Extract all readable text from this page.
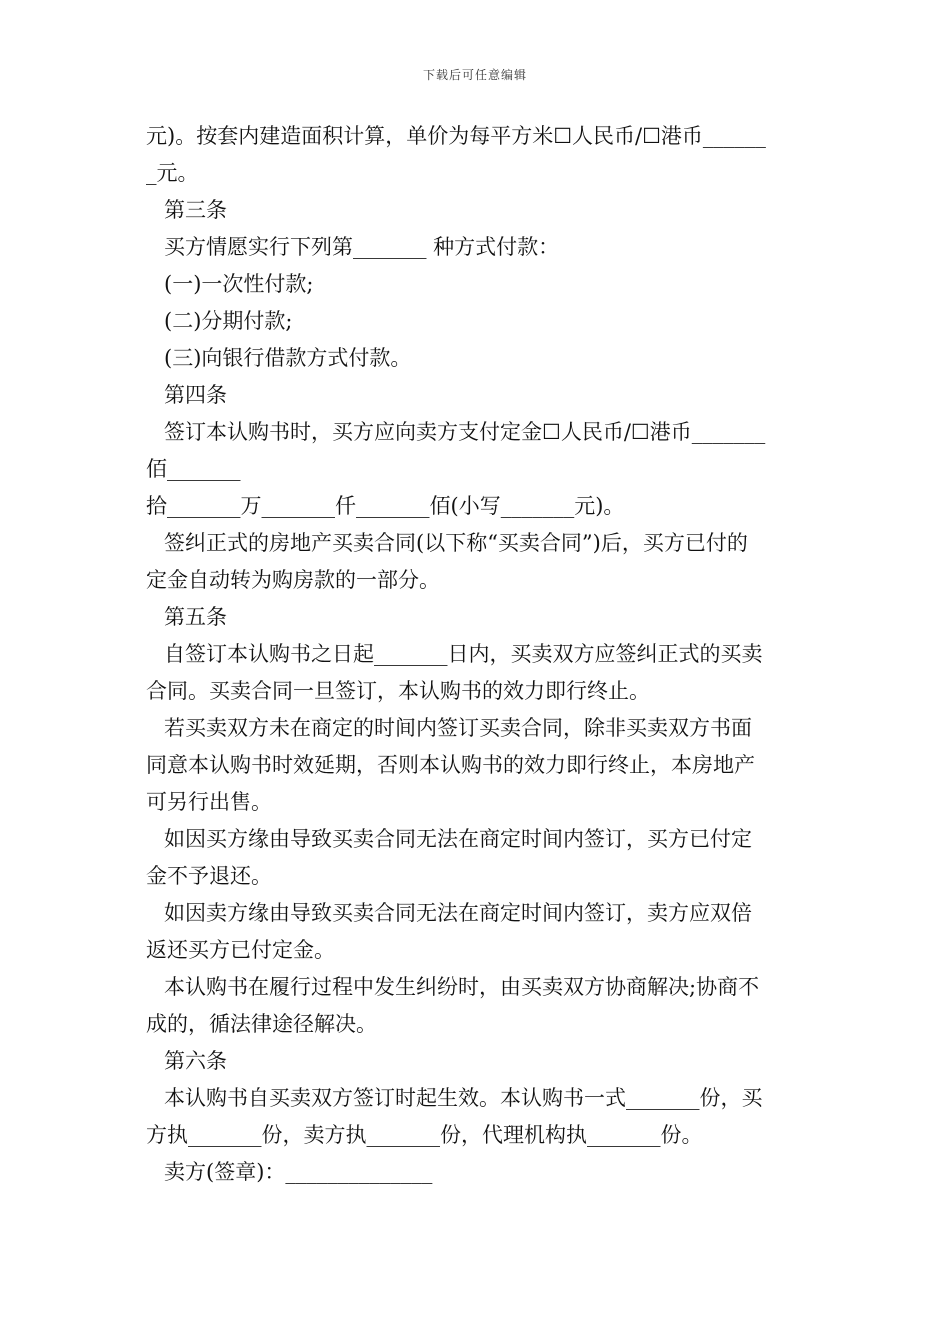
下载后可任意编辑
元)。按套内建造面积计算，单价为每平方米☐人民币/☐港币______
_元。
第三条
买方情愿实行下列第_______ 种方式付款：
(一)一次性付款;
(二)分期付款;
(三)向银行借款方式付款。
第四条
签订本认购书时，买方应向卖方支付定金☐人民币/☐港币_______
佰_______
拾_______万_______仟_______佰(小写_______元)。
签纠正式的房地产买卖合同(以下称“买卖合同”)后，买方已付的
定金自动转为购房款的一部分。
第五条
自签订本认购书之日起_______日内，买卖双方应签纠正式的买卖
合同。买卖合同一旦签订，本认购书的效力即行终止。
若买卖双方未在商定的时间内签订买卖合同，除非买卖双方书面
同意本认购书时效延期，否则本认购书的效力即行终止，本房地产
可另行出售。
如因买方缘由导致买卖合同无法在商定时间内签订，买方已付定
金不予退还。
如因卖方缘由导致买卖合同无法在商定时间内签订，卖方应双倍
返还买方已付定金。
本认购书在履行过程中发生纠纷时，由买卖双方协商解决;协商不
成的，循法律途径解决。
第六条
本认购书自买卖双方签订时起生效。本认购书一式_______份，买
方执_______份，卖方执_______份，代理机构执_______份。
卖方(签章)：______________
